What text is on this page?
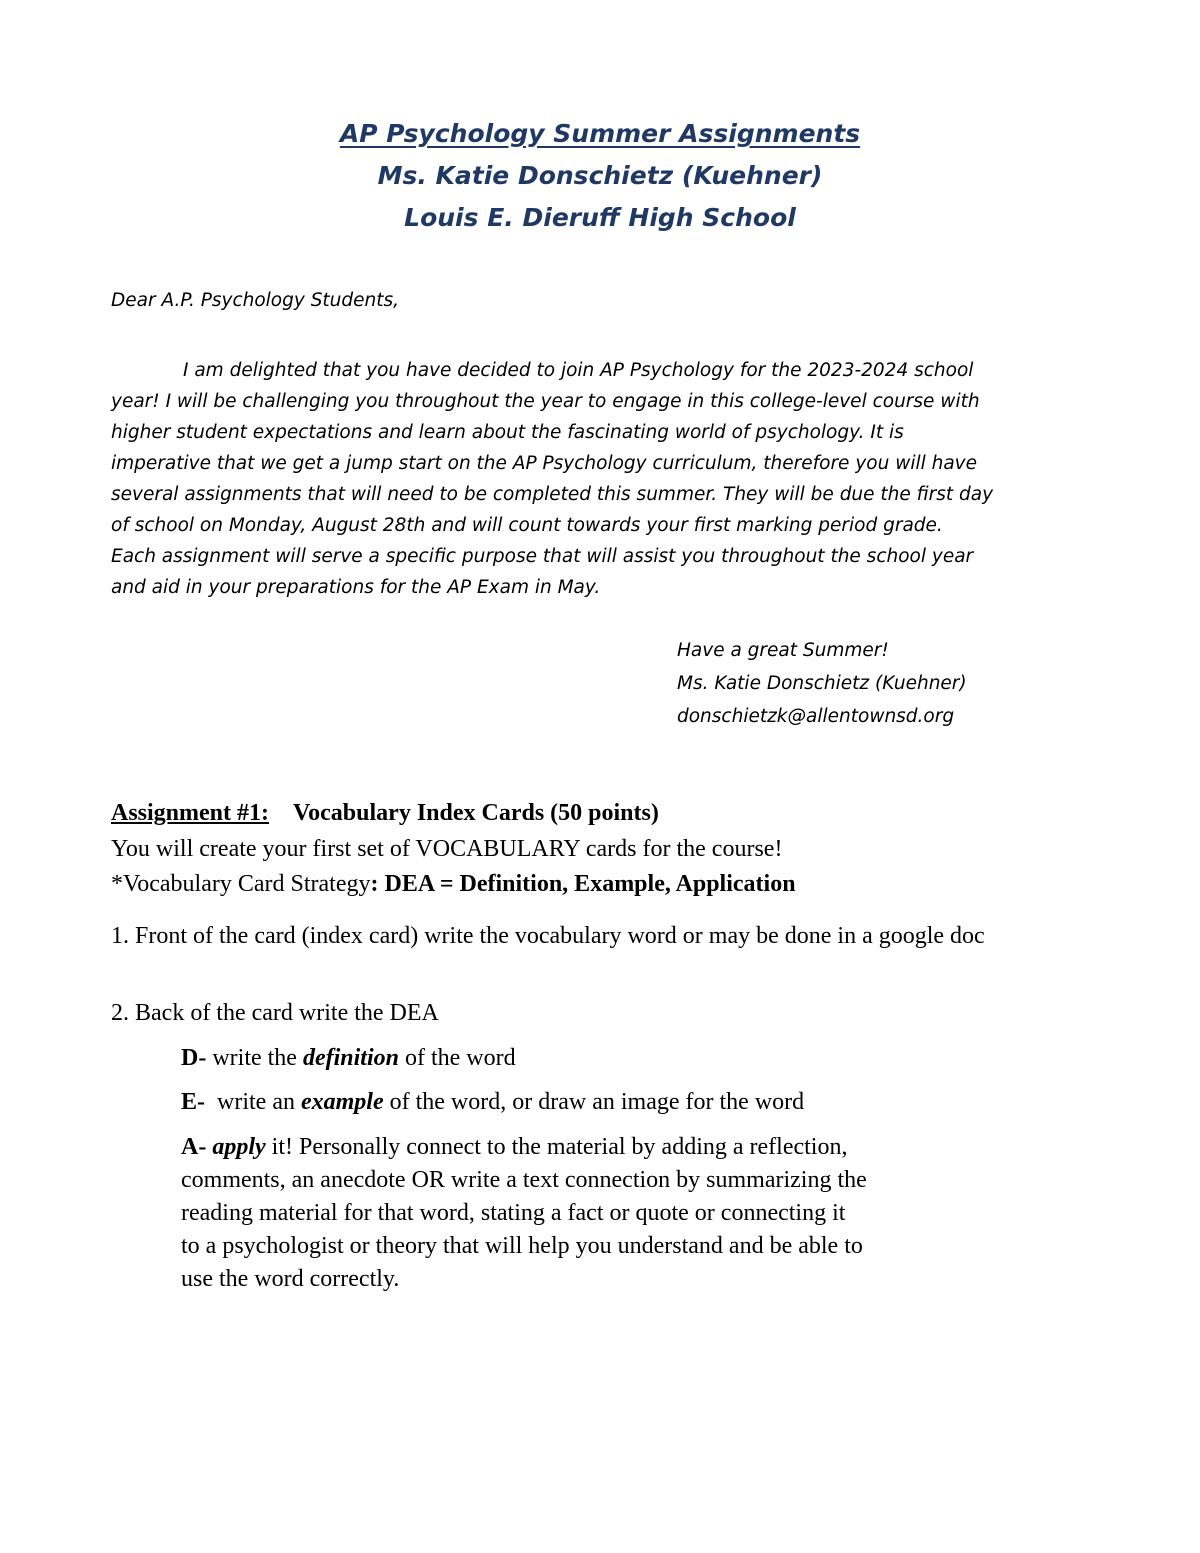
AP Psychology Summer Assignments
Ms. Katie Donschietz (Kuehner)
Louis E. Dieruff High School
Dear A.P. Psychology Students,
I am delighted that you have decided to join AP Psychology for the 2023-2024 school
year! I will be challenging you throughout the year to engage in this college-level course with
higher student expectations and learn about the fascinating world of psychology. It is
imperative that we get a jump start on the AP Psychology curriculum, therefore you will have
several assignments that will need to be completed this summer. They will be due the first day
of school on Monday, August 28th and will count towards your first marking period grade.
Each assignment will serve a specific purpose that will assist you throughout the school year
and aid in your preparations for the AP Exam in May.
Have a great Summer!
Ms. Katie Donschietz (Kuehner)
donschietzk@allentownsd.org
Assignment #1: Vocabulary Index Cards (50 points)
You will create your first set of VOCABULARY cards for the course!
*Vocabulary Card Strategy: DEA = Definition, Example, Application
1. Front of the card (index card) write the vocabulary word or may be done in a google doc
2. Back of the card write the DEA
D- write the definition of the word
E-  write an example of the word, or draw an image for the word
A- apply it! Personally connect to the material by adding a reflection,
comments, an anecdote OR write a text connection by summarizing the
reading material for that word, stating a fact or quote or connecting it
to a psychologist or theory that will help you understand and be able to
use the word correctly.
